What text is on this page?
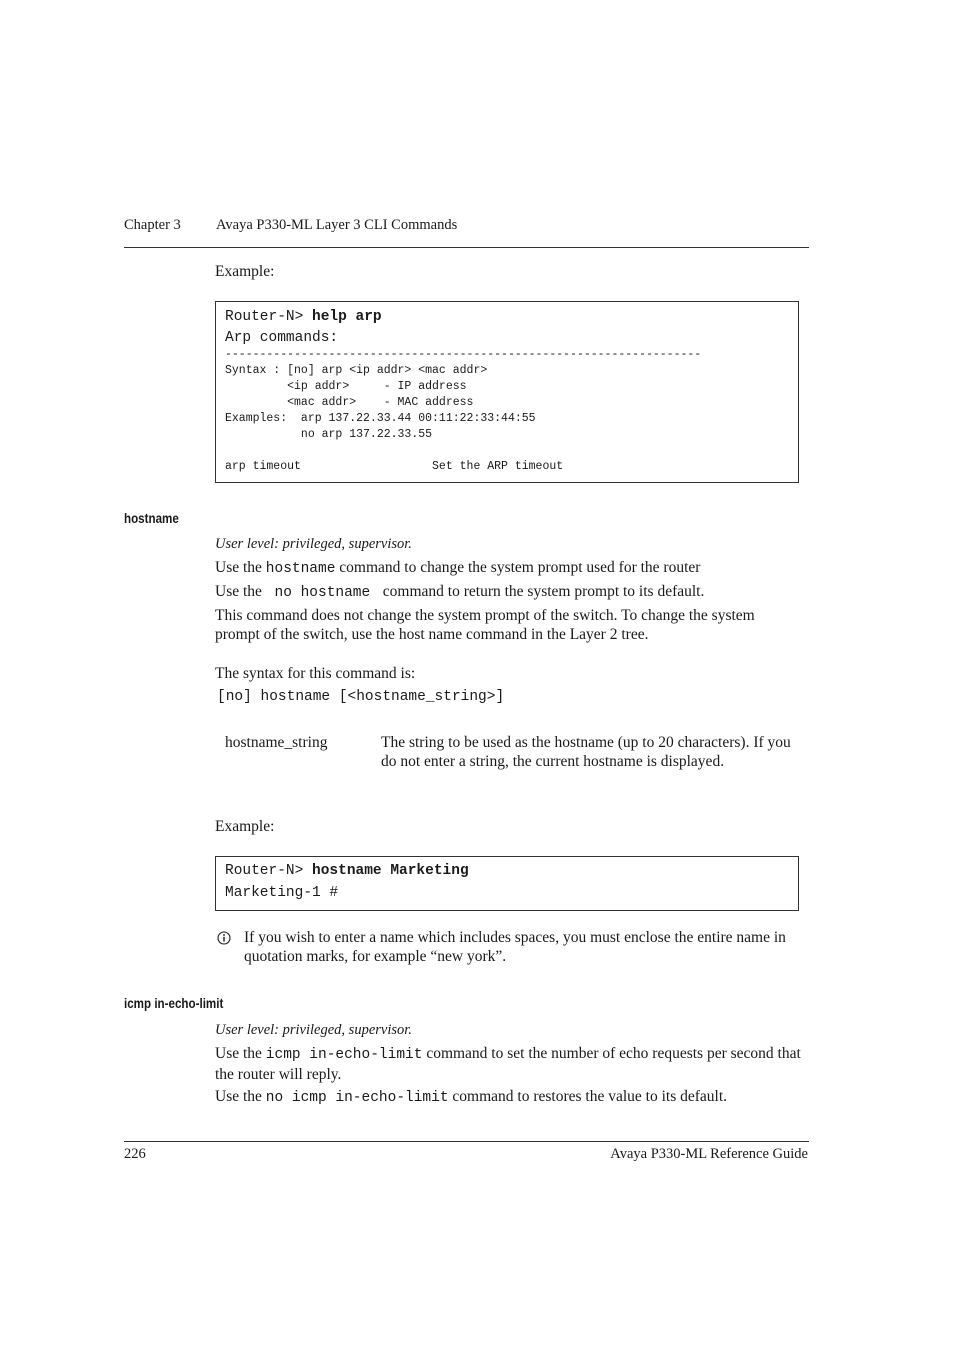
Chapter 3 Avaya P330-ML Layer 3 CLI Commands
Example:
Router-N> help arp
Arp commands:
---------------------------------------------------------------------
Syntax : [no] arp <ip addr> <mac addr>
<ip addr>     - IP address
<mac addr>    - MAC address
Examples:  arp 137.22.33.44 00:11:22:33:44:55
no arp 137.22.33.55
arp timeout                   Set the ARP timeout
hostname
User level: privileged, supervisor.
Use the hostname command to change the system prompt used for the router
Use the  no hostname  command to return the system prompt to its default.
This command does not change the system prompt of the switch. To change the system prompt of the switch, use the host name command in the Layer 2 tree.
The syntax for this command is:
[no] hostname [<hostname_string>]
hostname_string	The string to be used as the hostname (up to 20 characters). If you do not enter a string, the current hostname is displayed.
Example:
Router-N> hostname Marketing
Marketing-1 #
If you wish to enter a name which includes spaces, you must enclose the entire name in quotation marks, for example “new york”.
icmp in-echo-limit
User level: privileged, supervisor.
Use the icmp in-echo-limit command to set the number of echo requests per second that the router will reply.
Use the no icmp in-echo-limit command to restores the value to its default.
226	Avaya P330-ML Reference Guide
